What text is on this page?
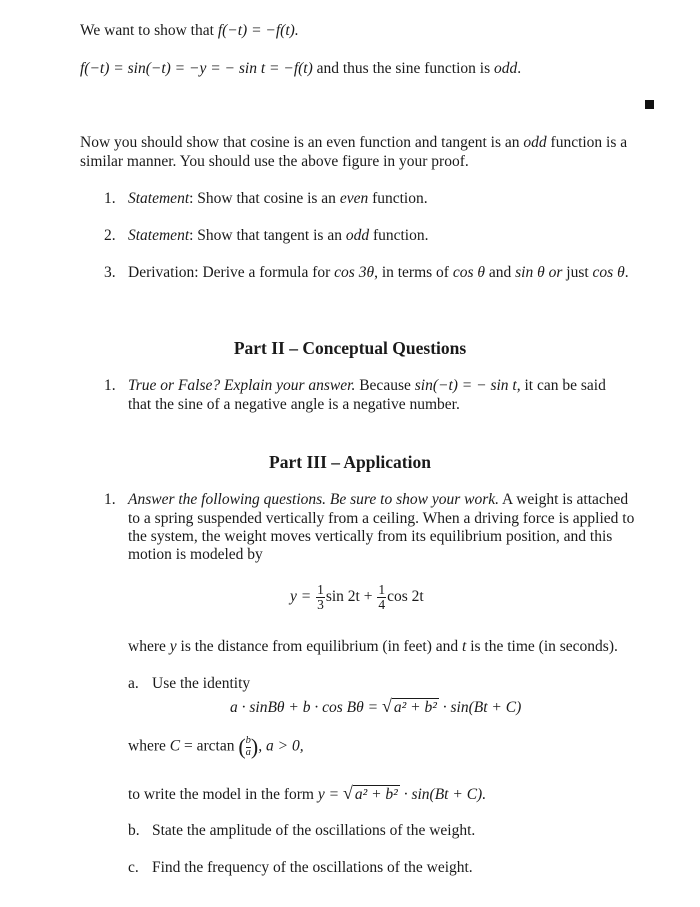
We want to show that f(−t) = −f(t).
f(−t) = sin(−t) = −y = − sin t = −f(t) and thus the sine function is odd.
Now you should show that cosine is an even function and tangent is an odd function is a
similar manner. You should use the above figure in your proof.
1. Statement: Show that cosine is an even function.
2. Statement: Show that tangent is an odd function.
3. Derivation: Derive a formula for cos 3θ, in terms of cos θ and sin θ or just cos θ.
Part II – Conceptual Questions
1. True or False? Explain your answer. Because sin(−t) = − sin t, it can be said
that the sine of a negative angle is a negative number.
Part III – Application
1. Answer the following questions. Be sure to show your work. A weight is attached
to a spring suspended vertically from a ceiling. When a driving force is applied to
the system, the weight moves vertically from its equilibrium position, and this
motion is modeled by
$y = \frac{1}{3}$ $\sin 2t + \frac{1}{4}$ cos 2t
where y is the distance from equilibrium (in feet) and t is the time (in seconds).
a. Use the identity
a · sinBθ + b · cos Bθ = √ a² + b² · sin(Bt + C)
where C = arctan ( $\frac{b}{a}$ ), a > 0,
to write the model in the form y = √ a² + b² · sin(Bt + C).
b. State the amplitude of the oscillations of the weight.
c. Find the frequency of the oscillations of the weight.
